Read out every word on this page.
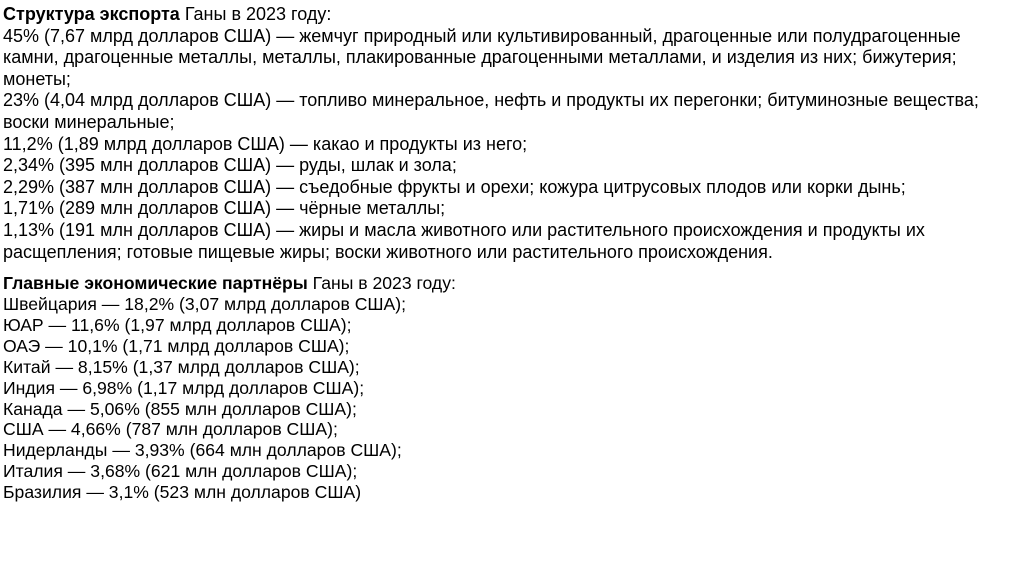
Структура экспорта Ганы в 2023 году:

45% (7,67 млрд долларов США) — жемчуг природный или культивированный, драгоценные или полудрагоценные камни, драгоценные металлы, металлы, плакированные драгоценными металлами, и изделия из них; бижутерия; монеты;

23% (4,04 млрд долларов США) — топливо минеральное, нефть и продукты их перегонки; битуминозные вещества; воски минеральные;

11,2% (1,89 млрд долларов США) — какао и продукты из него;

2,34% (395 млн долларов США) — руды, шлак и зола;

2,29% (387 млн долларов США) — съедобные фрукты и орехи; кожура цитрусовых плодов или корки дынь;

1,71% (289 млн долларов США) — чёрные металлы;

1,13% (191 млн долларов США) — жиры и масла животного или растительного происхождения и продукты их расщепления; готовые пищевые жиры; воски животного или растительного происхождения.

Главные экономические партнёры Ганы в 2023 году:

Швейцария — 18,2% (3,07 млрд долларов США);

ЮАР — 11,6% (1,97 млрд долларов США);

ОАЭ — 10,1% (1,71 млрд долларов США);

Китай — 8,15% (1,37 млрд долларов США);

Индия — 6,98% (1,17 млрд долларов США);

Канада — 5,06% (855 млн долларов США);

США — 4,66% (787 млн долларов США);

Нидерланды — 3,93% (664 млн долларов США);

Италия — 3,68% (621 млн долларов США);

Бразилия — 3,1% (523 млн долларов США)
